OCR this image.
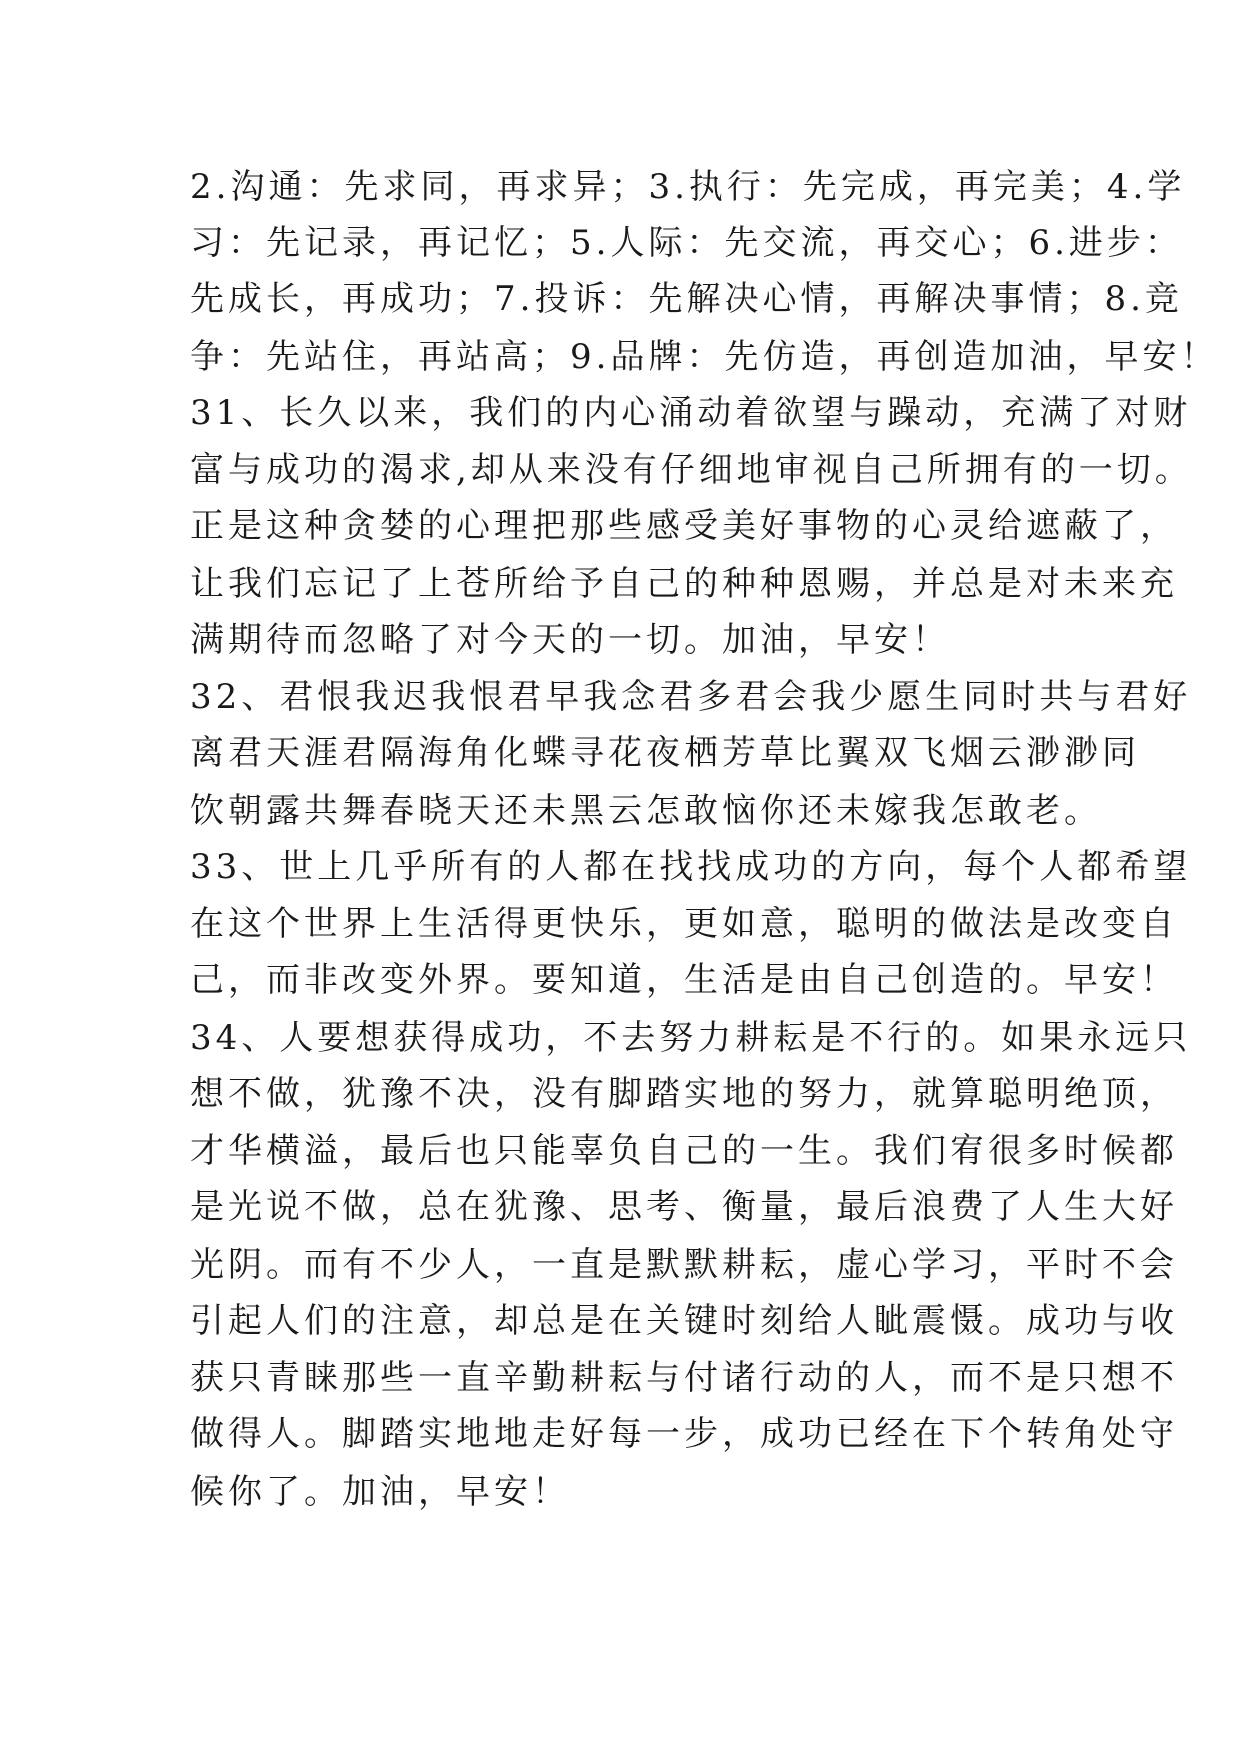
2.沟通：先求同，再求异；3.执行：先完成，再完美；4.学
习：先记录，再记忆；5.人际：先交流，再交心；6.进步：
先成长，再成功；7.投诉：先解决心情，再解决事情；8.竞
争：先站住，再站高；9.品牌：先仿造，再创造加油，早安！
31、长久以来，我们的内心涌动着欲望与躁动，充满了对财
富与成功的渴求,却从来没有仔细地审视自己所拥有的一切。
正是这种贪婪的心理把那些感受美好事物的心灵给遮蔽了，
让我们忘记了上苍所给予自己的种种恩赐，并总是对未来充
满期待而忽略了对今天的一切。加油，早安！
32、君恨我迟我恨君早我念君多君会我少愿生同时共与君好
离君天涯君隔海角化蝶寻花夜栖芳草比翼双飞烟云渺渺同
饮朝露共舞春晓天还未黑云怎敢恼你还未嫁我怎敢老。
33、世上几乎所有的人都在找找成功的方向，每个人都希望
在这个世界上生活得更快乐，更如意，聪明的做法是改变自
己，而非改变外界。要知道，生活是由自己创造的。早安！
34、人要想获得成功，不去努力耕耘是不行的。如果永远只
想不做，犹豫不决，没有脚踏实地的努力，就算聪明绝顶，
才华横溢，最后也只能辜负自己的一生。我们宥很多时候都
是光说不做，总在犹豫、思考、衡量，最后浪费了人生大好
光阴。而有不少人，一直是默默耕耘，虚心学习，平时不会
引起人们的注意，却总是在关键时刻给人眦震慑。成功与收
获只青睐那些一直辛勤耕耘与付诸行动的人，而不是只想不
做得人。脚踏实地地走好每一步，成功已经在下个转角处守
候你了。加油，早安！
